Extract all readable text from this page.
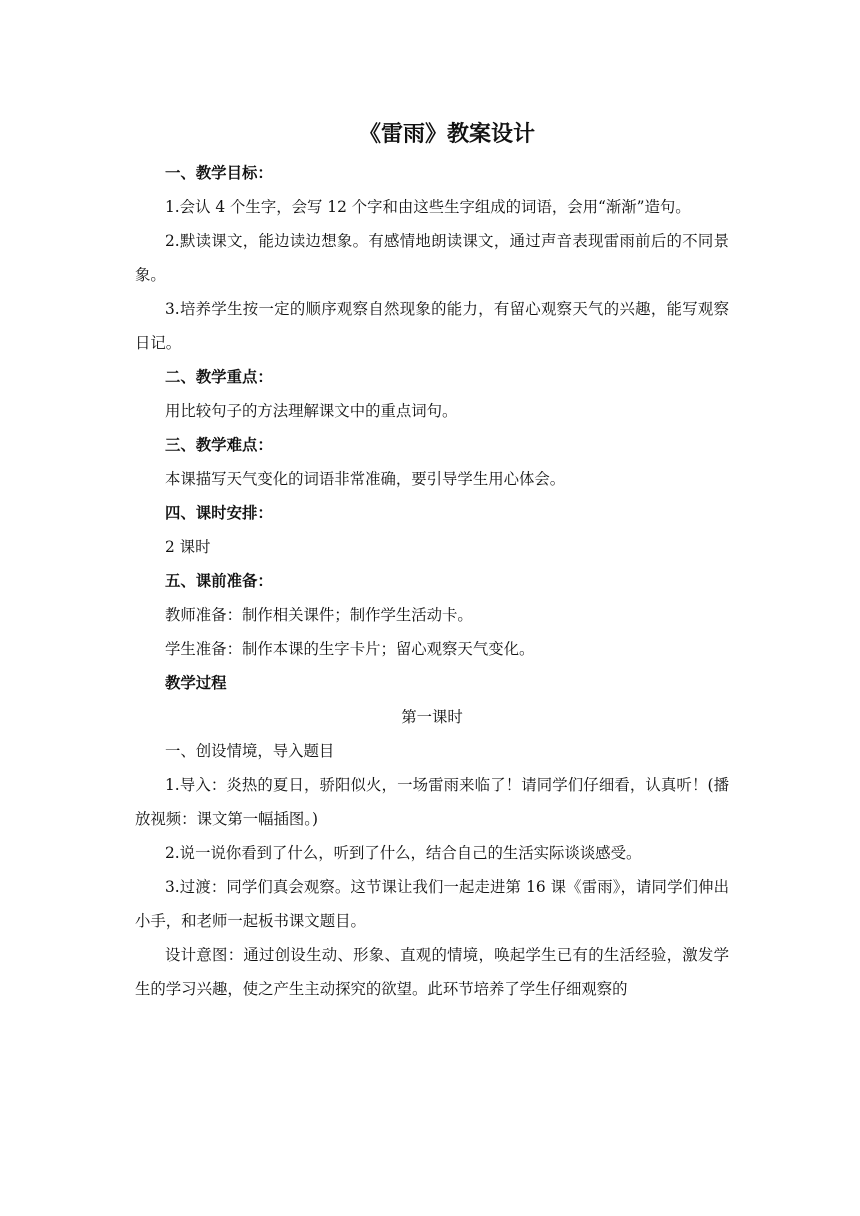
《雷雨》教案设计

一、教学目标：

1.会认 4 个生字，会写 12 个字和由这些生字组成的词语，会用“渐渐”造句。

2.默读课文，能边读边想象。有感情地朗读课文，通过声音表现雷雨前后的不同景象。

3.培养学生按一定的顺序观察自然现象的能力，有留心观察天气的兴趣，能写观察日记。

二、教学重点：

用比较句子的方法理解课文中的重点词句。

三、教学难点：

本课描写天气变化的词语非常准确，要引导学生用心体会。

四、课时安排：

2 课时

五、课前准备：

教师准备：制作相关课件；制作学生活动卡。

学生准备：制作本课的生字卡片；留心观察天气变化。

教学过程

第一课时

一、创设情境，导入题目

1.导入：炎热的夏日，骄阳似火，一场雷雨来临了！请同学们仔细看，认真听！(播放视频：课文第一幅插图。)

2.说一说你看到了什么，听到了什么，结合自己的生活实际谈谈感受。

3.过渡：同学们真会观察。这节课让我们一起走进第 16 课《雷雨》，请同学们伸出小手，和老师一起板书课文题目。

设计意图：通过创设生动、形象、直观的情境，唤起学生已有的生活经验，激发学生的学习兴趣，使之产生主动探究的欲望。此环节培养了学生仔细观察的
